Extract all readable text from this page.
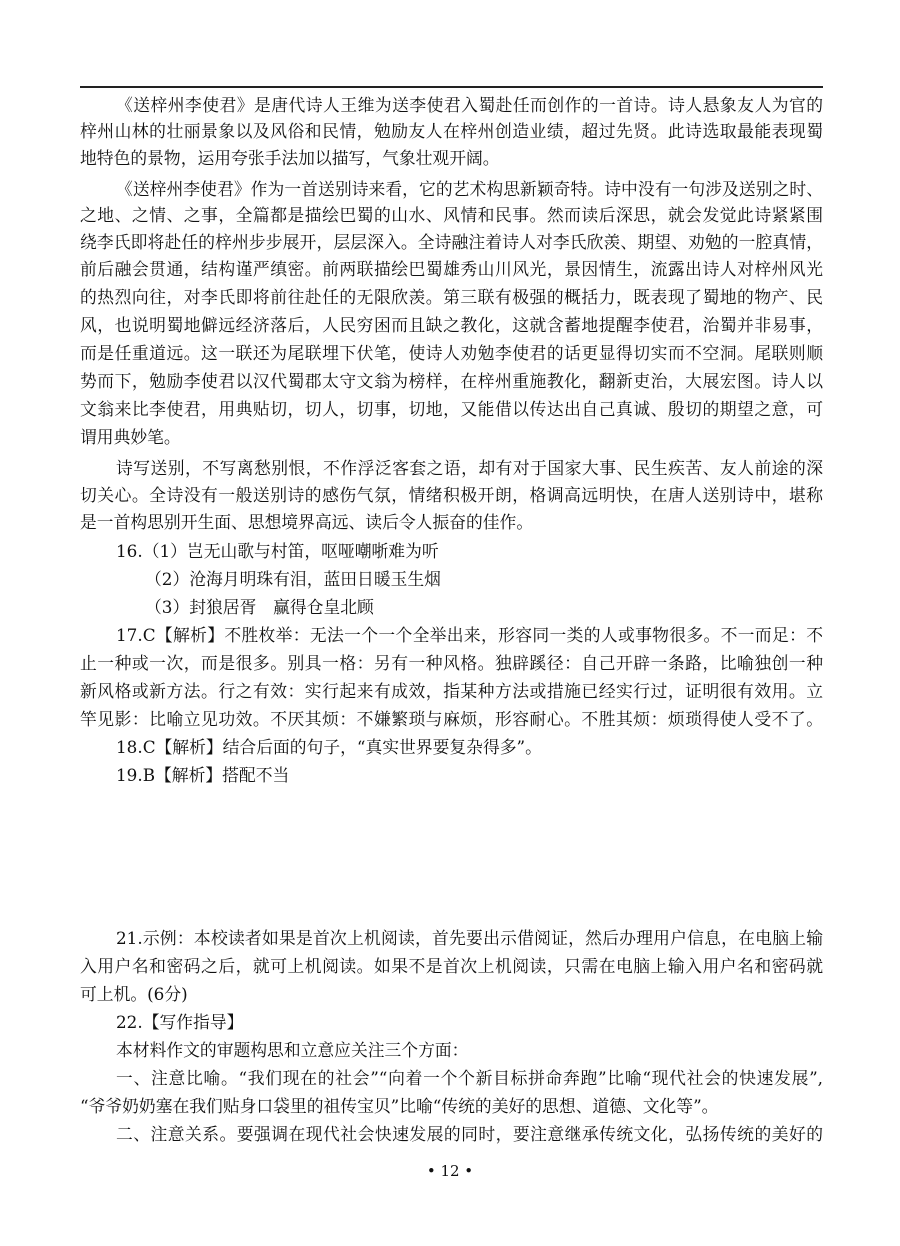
《送梓州李使君》是唐代诗人王维为送李使君入蜀赴任而创作的一首诗。诗人悬象友人为官的
梓州山林的壮丽景象以及风俗和民情，勉励友人在梓州创造业绩，超过先贤。此诗选取最能表现蜀
地特色的景物，运用夸张手法加以描写，气象壮观开阔。
《送梓州李使君》作为一首送别诗来看，它的艺术构思新颖奇特。诗中没有一句涉及送别之时、
之地、之情、之事，全篇都是描绘巴蜀的山水、风情和民事。然而读后深思，就会发觉此诗紧紧围
绕李氏即将赴任的梓州步步展开，层层深入。全诗融注着诗人对李氏欣羡、期望、劝勉的一腔真情，
前后融会贯通，结构谨严缜密。前两联描绘巴蜀雄秀山川风光，景因情生，流露出诗人对梓州风光
的热烈向往，对李氏即将前往赴任的无限欣羡。第三联有极强的概括力，既表现了蜀地的物产、民
风，也说明蜀地僻远经济落后，人民穷困而且缺之教化，这就含蓄地提醒李使君，治蜀并非易事，
而是任重道远。这一联还为尾联埋下伏笔，使诗人劝勉李使君的话更显得切实而不空洞。尾联则顺
势而下，勉励李使君以汉代蜀郡太守文翁为榜样，在梓州重施教化，翻新吏治，大展宏图。诗人以
文翁来比李使君，用典贴切，切人，切事，切地，又能借以传达出自己真诚、殷切的期望之意，可
谓用典妙笔。
诗写送别，不写离愁别恨，不作浮泛客套之语，却有对于国家大事、民生疾苦、友人前途的深
切关心。全诗没有一般送别诗的感伤气氛，情绪积极开朗，格调高远明快，在唐人送别诗中，堪称
是一首构思别开生面、思想境界高远、读后令人振奋的佳作。
16.（1）岂无山歌与村笛，呕哑嘲哳难为听
（2）沧海月明珠有泪，蓝田日暖玉生烟
（3）封狼居胥　赢得仓皇北顾
17.C【解析】不胜枚举：无法一个一个全举出来，形容同一类的人或事物很多。不一而足：不
止一种或一次，而是很多。别具一格：另有一种风格。独辟蹊径：自己开辟一条路，比喻独创一种
新风格或新方法。行之有效：实行起来有成效，指某种方法或措施已经实行过，证明很有效用。立
竿见影：比喻立见功效。不厌其烦：不嫌繁琐与麻烦，形容耐心。不胜其烦：烦琐得使人受不了。
18.C【解析】结合后面的句子，“真实世界要复杂得多”。
19.B【解析】搭配不当
21.示例：本校读者如果是首次上机阅读，首先要出示借阅证，然后办理用户信息，在电脑上输
入用户名和密码之后，就可上机阅读。如果不是首次上机阅读，只需在电脑上输入用户名和密码就
可上机。(6分)
22.【写作指导】
本材料作文的审题构思和立意应关注三个方面：
一、注意比喻。“我们现在的社会”“向着一个个新目标拼命奔跑”比喻“现代社会的快速发展”,
“爷爷奶奶塞在我们贴身口袋里的祖传宝贝”比喻“传统的美好的思想、道德、文化等”。
二、注意关系。要强调在现代社会快速发展的同时，要注意继承传统文化，弘扬传统的美好的
• 12 •
